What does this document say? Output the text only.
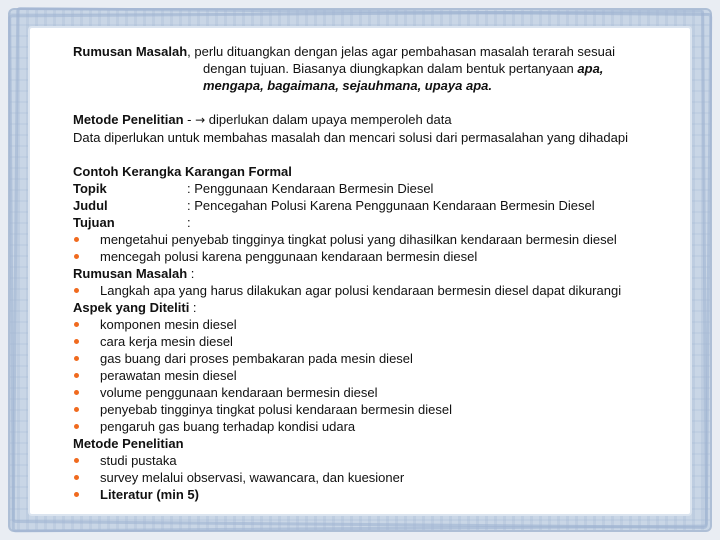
Rumusan Masalah, perlu dituangkan dengan jelas agar pembahasan masalah terarah sesuai
dengan tujuan. Biasanya diungkapkan dalam bentuk pertanyaan apa,
mengapa, bagaimana, sejauhmana, upaya apa.
Metode Penelitian - → diperlukan dalam upaya memperoleh data
Data diperlukan untuk membahas masalah dan mencari solusi dari permasalahan yang dihadapi
Contoh Kerangka Karangan Formal
Topik	: Penggunaan Kendaraan Bermesin Diesel
Judul	: Pencegahan Polusi Karena Penggunaan Kendaraan Bermesin Diesel
Tujuan	:
mengetahui penyebab tingginya tingkat polusi yang dihasilkan kendaraan bermesin diesel
mencegah polusi karena penggunaan kendaraan bermesin diesel
Rumusan Masalah :
Langkah apa yang harus dilakukan agar polusi kendaraan bermesin diesel dapat dikurangi
Aspek yang Diteliti :
komponen mesin diesel
cara kerja mesin diesel
gas buang dari proses pembakaran pada mesin diesel
perawatan mesin diesel
volume penggunaan kendaraan bermesin diesel
penyebab tingginya tingkat polusi kendaraan bermesin diesel
pengaruh gas buang terhadap kondisi udara
Metode Penelitian
studi pustaka
survey melalui observasi, wawancara, dan kuesioner
Literatur (min 5)
